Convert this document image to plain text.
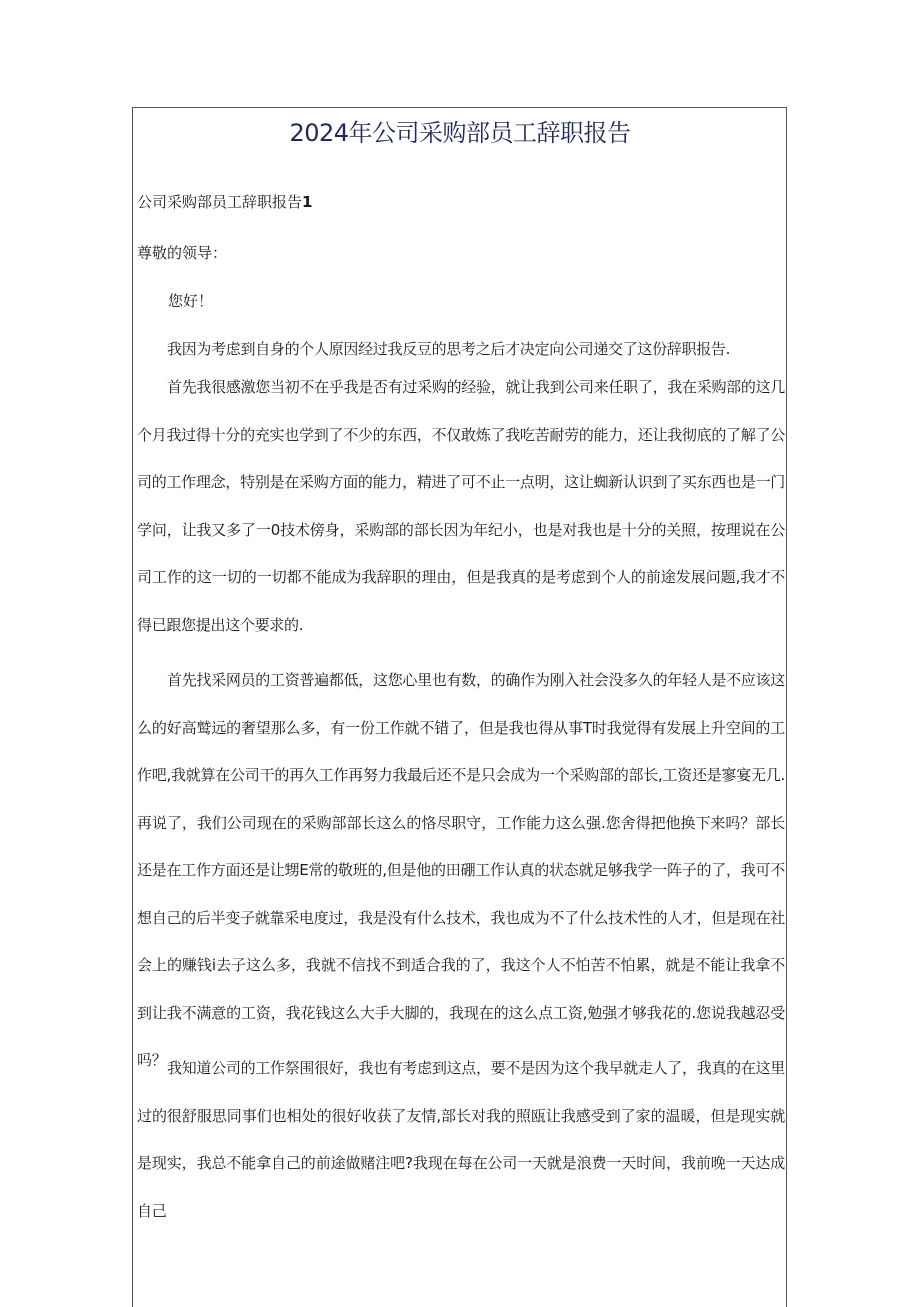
2024年公司采购部员工辞职报告
公司采购部员工辞职报告1
尊敬的领导：
您好！

我因为考虑到自身的个人原因经过我反豆的思考之后才决定向公司递交了这份辞职报告.

首先我很感激您当初不在乎我是否有过采购的经验，就让我到公司来任职了，我在采购部的这几个月我过得十分的充实也学到了不少的东西，不仅敢炼了我吃苦耐劳的能力，还让我彻底的了解了公司的工作理念，特别是在采购方面的能力，精进了可不止一点明，这让蜘新认识到了买东西也是一门学问，让我又多了一0技术傍身，采购部的部长因为年纪小，也是对我也是十分的关照，按理说在公司工作的这一切的一切都不能成为我辞职的理由，但是我真的是考虑到个人的前途发展问题,我才不得已跟您提出这个要求的.

首先找采网员的工资普遍都低，这您心里也有数，的确作为刚入社会没多久的年轻人是不应该这么的好高鹫远的奢望那么多，有一份工作就不错了，但是我也得从事T时我觉得有发展上升空间的工作吧,我就算在公司干的再久工作再努力我最后还不是只会成为一个采购部的部长,工资还是寥宴无几.再说了，我们公司现在的采购部部长这么的恪尽职守，工作能力这么强.您舍得把他换下来吗？部长还是在工作方面还是让甥E常的敬班的,但是他的田硼工作认真的状态就足够我学一阵子的了，我可不想自己的后半变子就靠采电度过，我是没有什么技术，我也成为不了什么技术性的人才，但是现在社会上的赚钱i去子这么多，我就不信找不到适合我的了，我这个人不怕苦不怕累，就是不能让我拿不到让我不满意的工资，我花钱这么大手大脚的，我现在的这么点工资,勉强才够我花的.您说我越忍受吗？ 我知道公司的工作祭围很好，我也有考虑到这点，要不是因为这个我早就走人了，我真的在这里过的很舒服思同事们也相处的很好收获了友情,部长对我的照瓯让我感受到了家的温暖，但是现实就是现实，我总不能拿自己的前途做赌注吧?我现在每在公司一天就是浪费一天时间，我前晚一天达成自己
